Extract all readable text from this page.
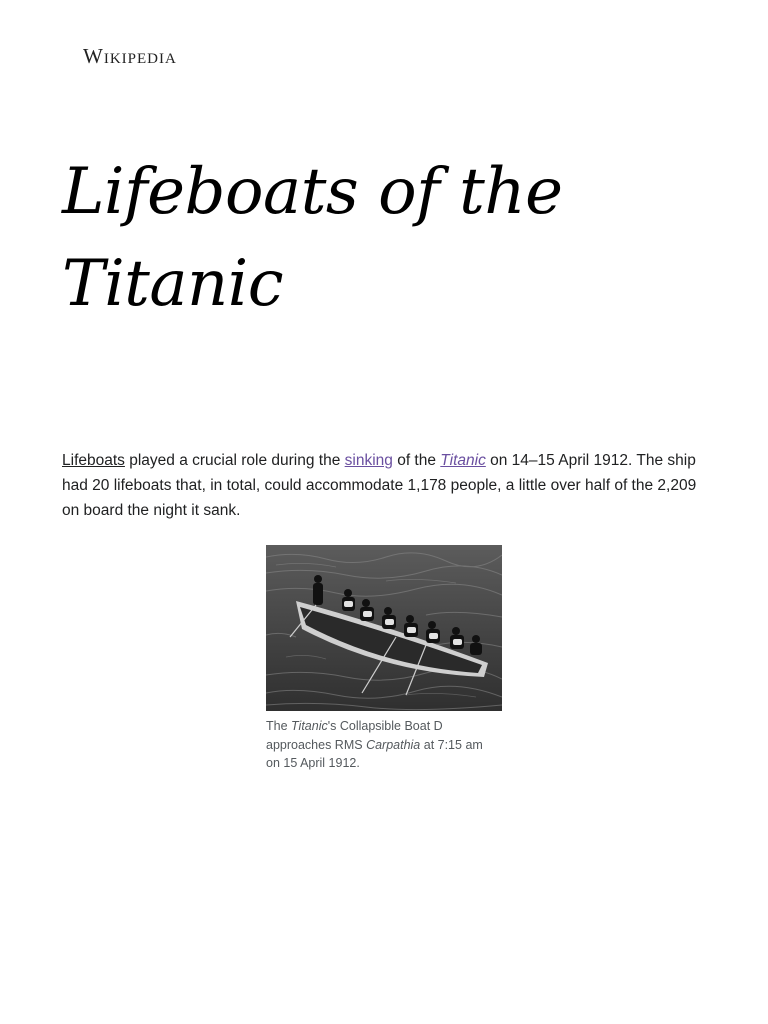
Wikipedia
Lifeboats of the
Titanic

Lifeboats played a crucial role during the sinking of the Titanic on 14–15 April 1912. The ship had 20 lifeboats that, in total, could accommodate 1,178 people, a little over half of the 2,209 on board the night it sank.

The Titanic's Collapsible Boat D approaches RMS Carpathia at 7:15 am on 15 April 1912.
